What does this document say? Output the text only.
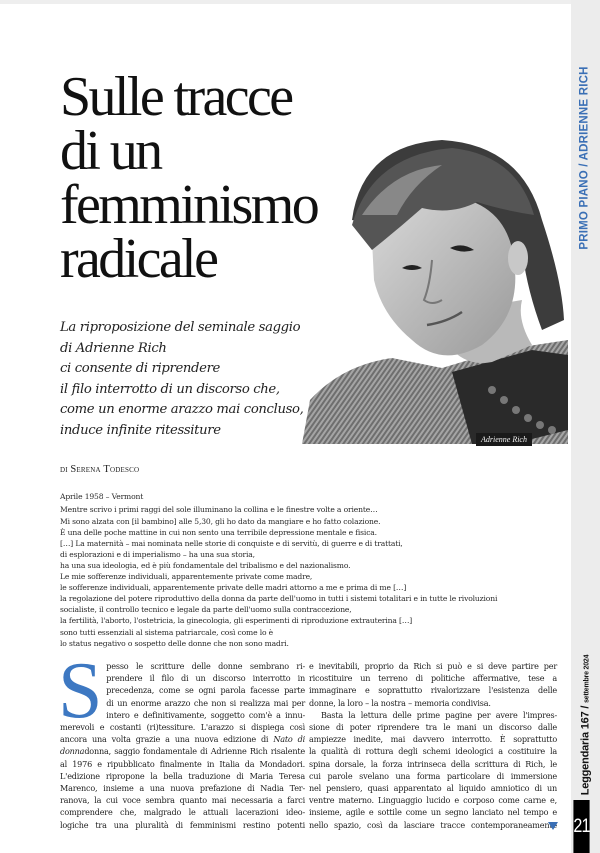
PRIMO PIANO / ADRIENNE RICH
Leggendaria 167 / settembre 2024
21
Sulle tracce
di un
femminismo
radicale
Adrienne Rich
La riproposizione del seminale saggio
di Adrienne Rich
ci consente di riprendere
il filo interrotto di un discorso che,
come un enorme arazzo mai concluso,
induce infinite ritessiture
di Serena Todesco
Aprile 1958 – Vermont
Mentre scrivo i primi raggi del sole illuminano la collina e le finestre volte a oriente…
Mi sono alzata con [il bambino] alle 5,30, gli ho dato da mangiare e ho fatto colazione.
È una delle poche mattine in cui non sento una terribile depressione mentale e fisica.
[…] La maternità – mai nominata nelle storie di conquiste e di servitù, di guerre e di trattati,
di esplorazioni e di imperialismo – ha una sua storia,
ha una sua ideologia, ed è più fondamentale del tribalismo e del nazionalismo.
Le mie sofferenze individuali, apparentemente private come madre,
le sofferenze individuali, apparentemente private delle madri attorno a me e prima di me […]
la regolazione del potere riproduttivo della donna da parte dell'uomo in tutti i sistemi totalitari e in tutte le rivoluzioni
socialiste, il controllo tecnico e legale da parte dell'uomo sulla contraccezione,
la fertilità, l'aborto, l'ostetricia, la ginecologia, gli esperimenti di riproduzione extrauterina […]
sono tutti essenziali al sistema patriarcale, così come lo è
lo status negativo o sospetto delle donne che non sono madri.
S pesso le scritture delle donne sembrano ri-
prendere il filo di un discorso interrotto in
precedenza, come se ogni parola facesse parte
di un enorme arazzo che non si realizza mai per
intero e definitivamente, soggetto com'è a innu-
merevoli e costanti (ri)tessiture. L'arazzo si dispiega così
ancora una volta grazie a una nuova edizione di Nato di
donnadonna, saggio fondamentale di Adrienne Rich risalente
al 1976 e ripubblicato finalmente in Italia da Mondadori.
L'edizione ripropone la bella traduzione di Maria Teresa
Marenco, insieme a una nuova prefazione di Nadia Ter-
ranova, la cui voce sembra quanto mai necessaria a farci
comprendere che, malgrado le attuali lacerazioni ideo-
logiche tra una pluralità di femminismi restino potenti
e inevitabili, proprio da Rich si può e si deve partire per
ricostituire un terreno di politiche affermative, tese a
immaginare e soprattutto rivalorizzare l'esistenza delle
donne, la loro – la nostra – memoria condivisa.
Basta la lettura delle prime pagine per avere l'impres-
sione di poter riprendere tra le mani un discorso dalle
ampiezze inedite, mai davvero interrotto. È soprattutto
la qualità di rottura degli schemi ideologici a costituire la
spina dorsale, la forza intrinseca della scrittura di Rich, le
cui parole svelano una forma particolare di immersione
nel pensiero, quasi apparentato al liquido amniotico di un
ventre materno. Linguaggio lucido e corposo come carne e,
insieme, agile e sottile come un segno lanciato nel tempo e
nello spazio, così da lasciare tracce contemporaneamente
